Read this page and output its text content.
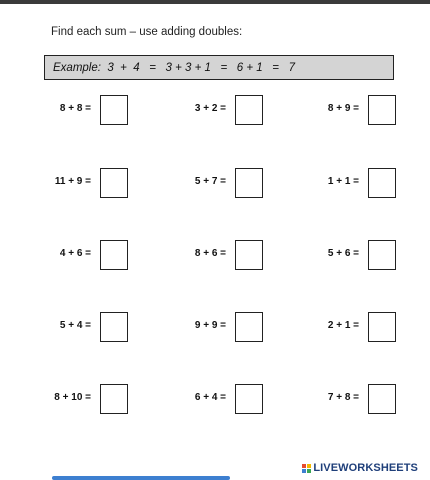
Find each sum – use adding doubles:
Example:  3  +  4   =   3 + 3 + 1   =   6 + 1   =   7
8 + 8 =	3 + 2 =	8 + 9 =
11 + 9 =	5 + 7 =	1 + 1 =
4 + 6 =	8 + 6 =	5 + 6 =
5 + 4 =	9 + 9 =	2 + 1 =
8 + 10 =	6 + 4 =	7 + 8 =
LIVEWORKSHEETS
